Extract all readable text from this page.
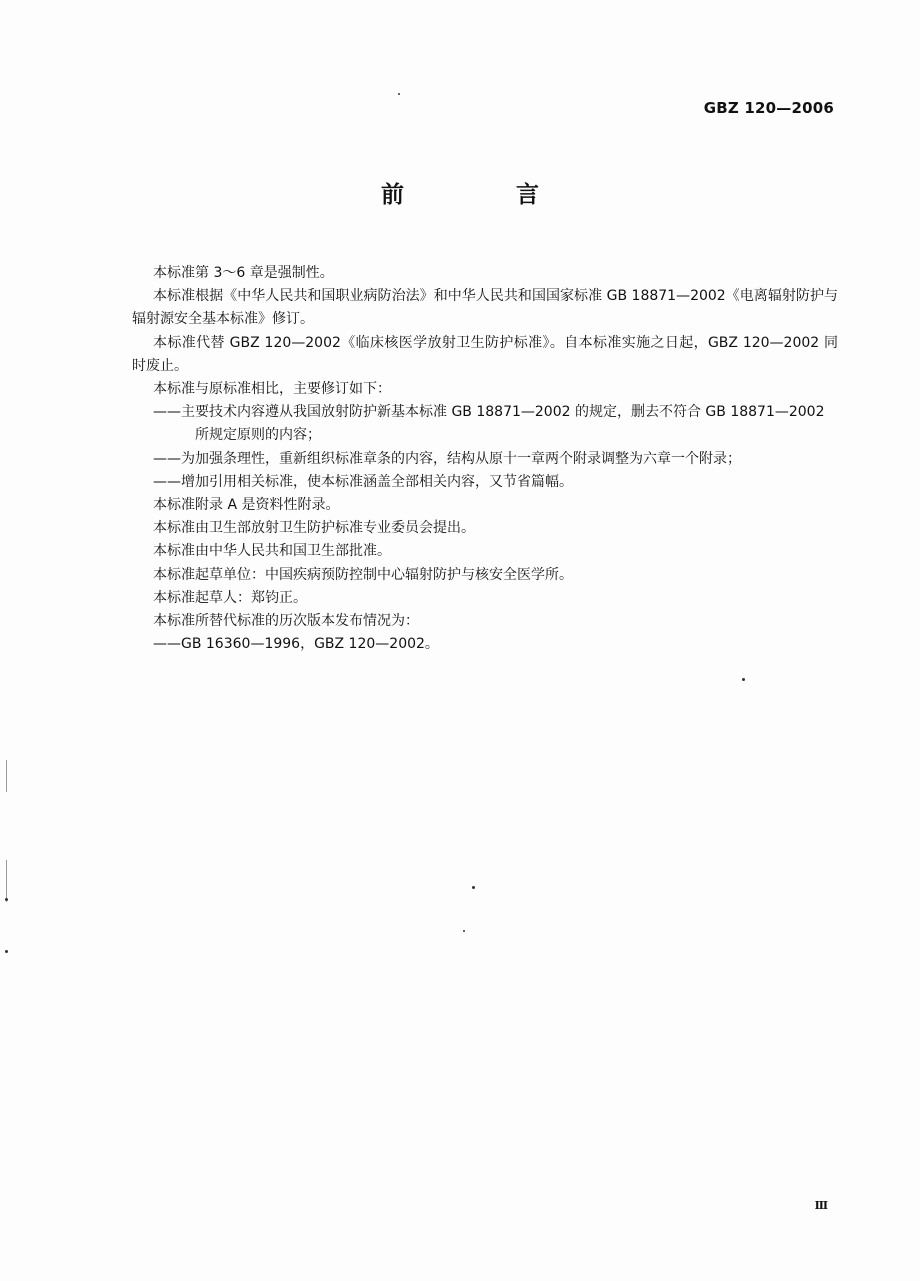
GBZ 120—2006
前 言

本标准第 3～6 章是强制性。

本标准根据《中华人民共和国职业病防治法》和中华人民共和国国家标准 GB 18871—2002《电离辐射防护与辐射源安全基本标准》修订。

本标准代替 GBZ 120—2002《临床核医学放射卫生防护标准》。自本标准实施之日起，GBZ 120—2002 同时废止。

本标准与原标准相比，主要修订如下：

——主要技术内容遵从我国放射防护新基本标准 GB 18871—2002 的规定，删去不符合 GB 18871—2002 所规定原则的内容；

——为加强条理性，重新组织标准章条的内容，结构从原十一章两个附录调整为六章一个附录；

——增加引用相关标准，使本标准涵盖全部相关内容，又节省篇幅。

本标准附录 A 是资料性附录。

本标准由卫生部放射卫生防护标准专业委员会提出。

本标准由中华人民共和国卫生部批准。

本标准起草单位：中国疾病预防控制中心辐射防护与核安全医学所。

本标准起草人：郑钧正。

本标准所替代标准的历次版本发布情况为：

——GB 16360—1996，GBZ 120—2002。

Ⅲ
